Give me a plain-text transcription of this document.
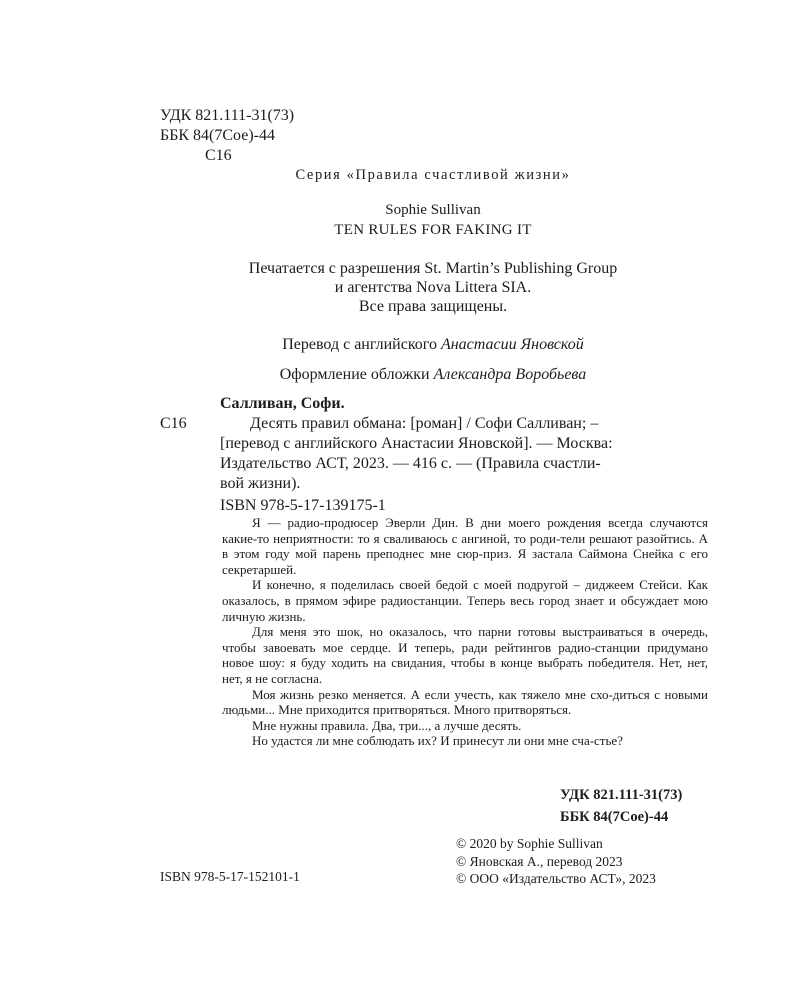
УДК 821.111-31(73)
ББК 84(7Сое)-44
С16
Серия «Правила счастливой жизни»
Sophie Sullivan
TEN RULES FOR FAKING IT
Печатается с разрешения St. Martin’s Publishing Group
и агентства Nova Littera SIA.
Все права защищены.
Перевод с английского Анастасии Яновской
Оформление обложки Александра Воробьева
Салливан, Софи.
С16	Десять правил обмана: [роман] / Софи Салливан; –

[перевод с английского Анастасии Яновской]. — Москва:

Издательство АСТ, 2023. — 416 с. — (Правила счастли-

вой жизни).

ISBN 978-5-17-139175-1

Я — радио-продюсер Эверли Дин. В дни моего рождения всегда случаются какие-то неприятности: то я сваливаюсь с ангиной, то роди-тели решают разойтись. А в этом году мой парень преподнес мне сюр-приз. Я застала Саймона Снейка с его секретаршей.

И конечно, я поделилась своей бедой с моей подругой – диджеем Стейси. Как оказалось, в прямом эфире радиостанции. Теперь весь город знает и обсуждает мою личную жизнь.

Для меня это шок, но оказалось, что парни готовы выстраиваться в очередь, чтобы завоевать мое сердце. И теперь, ради рейтингов радио-станции придумано новое шоу: я буду ходить на свидания, чтобы в конце выбрать победителя. Нет, нет, нет, я не согласна.

Моя жизнь резко меняется. А если учесть, как тяжело мне схо-диться с новыми людьми... Мне приходится притворяться. Много притворяться.

Мне нужны правила. Два, три..., а лучше десять.

Но удастся ли мне соблюдать их? И принесут ли они мне сча-стье?

УДК 821.111-31(73)
ББК 84(7Сое)-44
© 2020 by Sophie Sullivan
© Яновская А., перевод 2023
© ООО «Издательство АСТ», 2023
ISBN 978-5-17-152101-1
